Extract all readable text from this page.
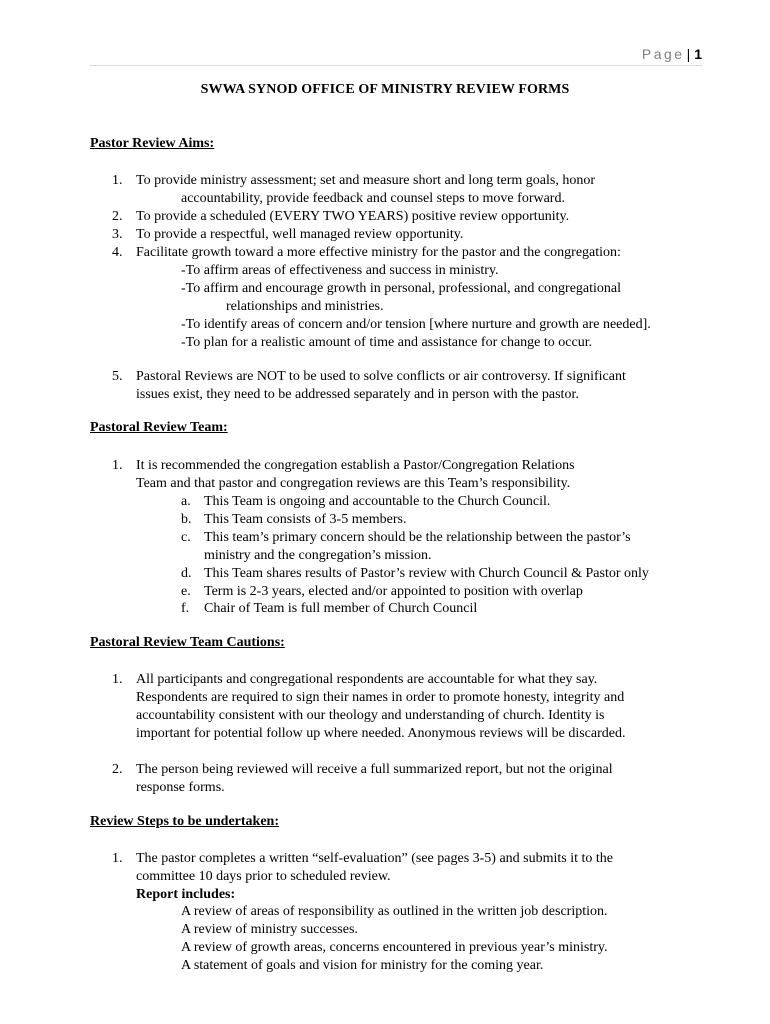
Page | 1
SWWA SYNOD OFFICE OF MINISTRY REVIEW FORMS
Pastor Review Aims:
1. To provide ministry assessment; set and measure short and long term goals, honor
accountability, provide feedback and counsel steps to move forward.
2. To provide a scheduled (EVERY TWO YEARS) positive review opportunity.
3. To provide a respectful, well managed review opportunity.
4. Facilitate growth toward a more effective ministry for the pastor and the congregation:
-To affirm areas of effectiveness and success in ministry.
-To affirm and encourage growth in personal, professional, and congregational
relationships and ministries.
-To identify areas of concern and/or tension [where nurture and growth are needed].
-To plan for a realistic amount of time and assistance for change to occur.
5. Pastoral Reviews are NOT to be used to solve conflicts or air controversy. If significant
issues exist, they need to be addressed separately and in person with the pastor.
Pastoral Review Team:
1. It is recommended the congregation establish a Pastor/Congregation Relations
Team and that pastor and congregation reviews are this Team’s responsibility.
a. This Team is ongoing and accountable to the Church Council.
b. This Team consists of 3-5 members.
c. This team’s primary concern should be the relationship between the pastor’s
ministry and the congregation’s mission.
d. This Team shares results of Pastor’s review with Church Council & Pastor only
e. Term is 2-3 years, elected and/or appointed to position with overlap
f. Chair of Team is full member of Church Council
Pastoral Review Team Cautions:
1. All participants and congregational respondents are accountable for what they say.
Respondents are required to sign their names in order to promote honesty, integrity and
accountability consistent with our theology and understanding of church. Identity is
important for potential follow up where needed. Anonymous reviews will be discarded.
2. The person being reviewed will receive a full summarized report, but not the original
response forms.
Review Steps to be undertaken:
1. The pastor completes a written “self-evaluation” (see pages 3-5) and submits it to the
committee 10 days prior to scheduled review.
Report includes:
A review of areas of responsibility as outlined in the written job description.
A review of ministry successes.
A review of growth areas, concerns encountered in previous year’s ministry.
A statement of goals and vision for ministry for the coming year.
